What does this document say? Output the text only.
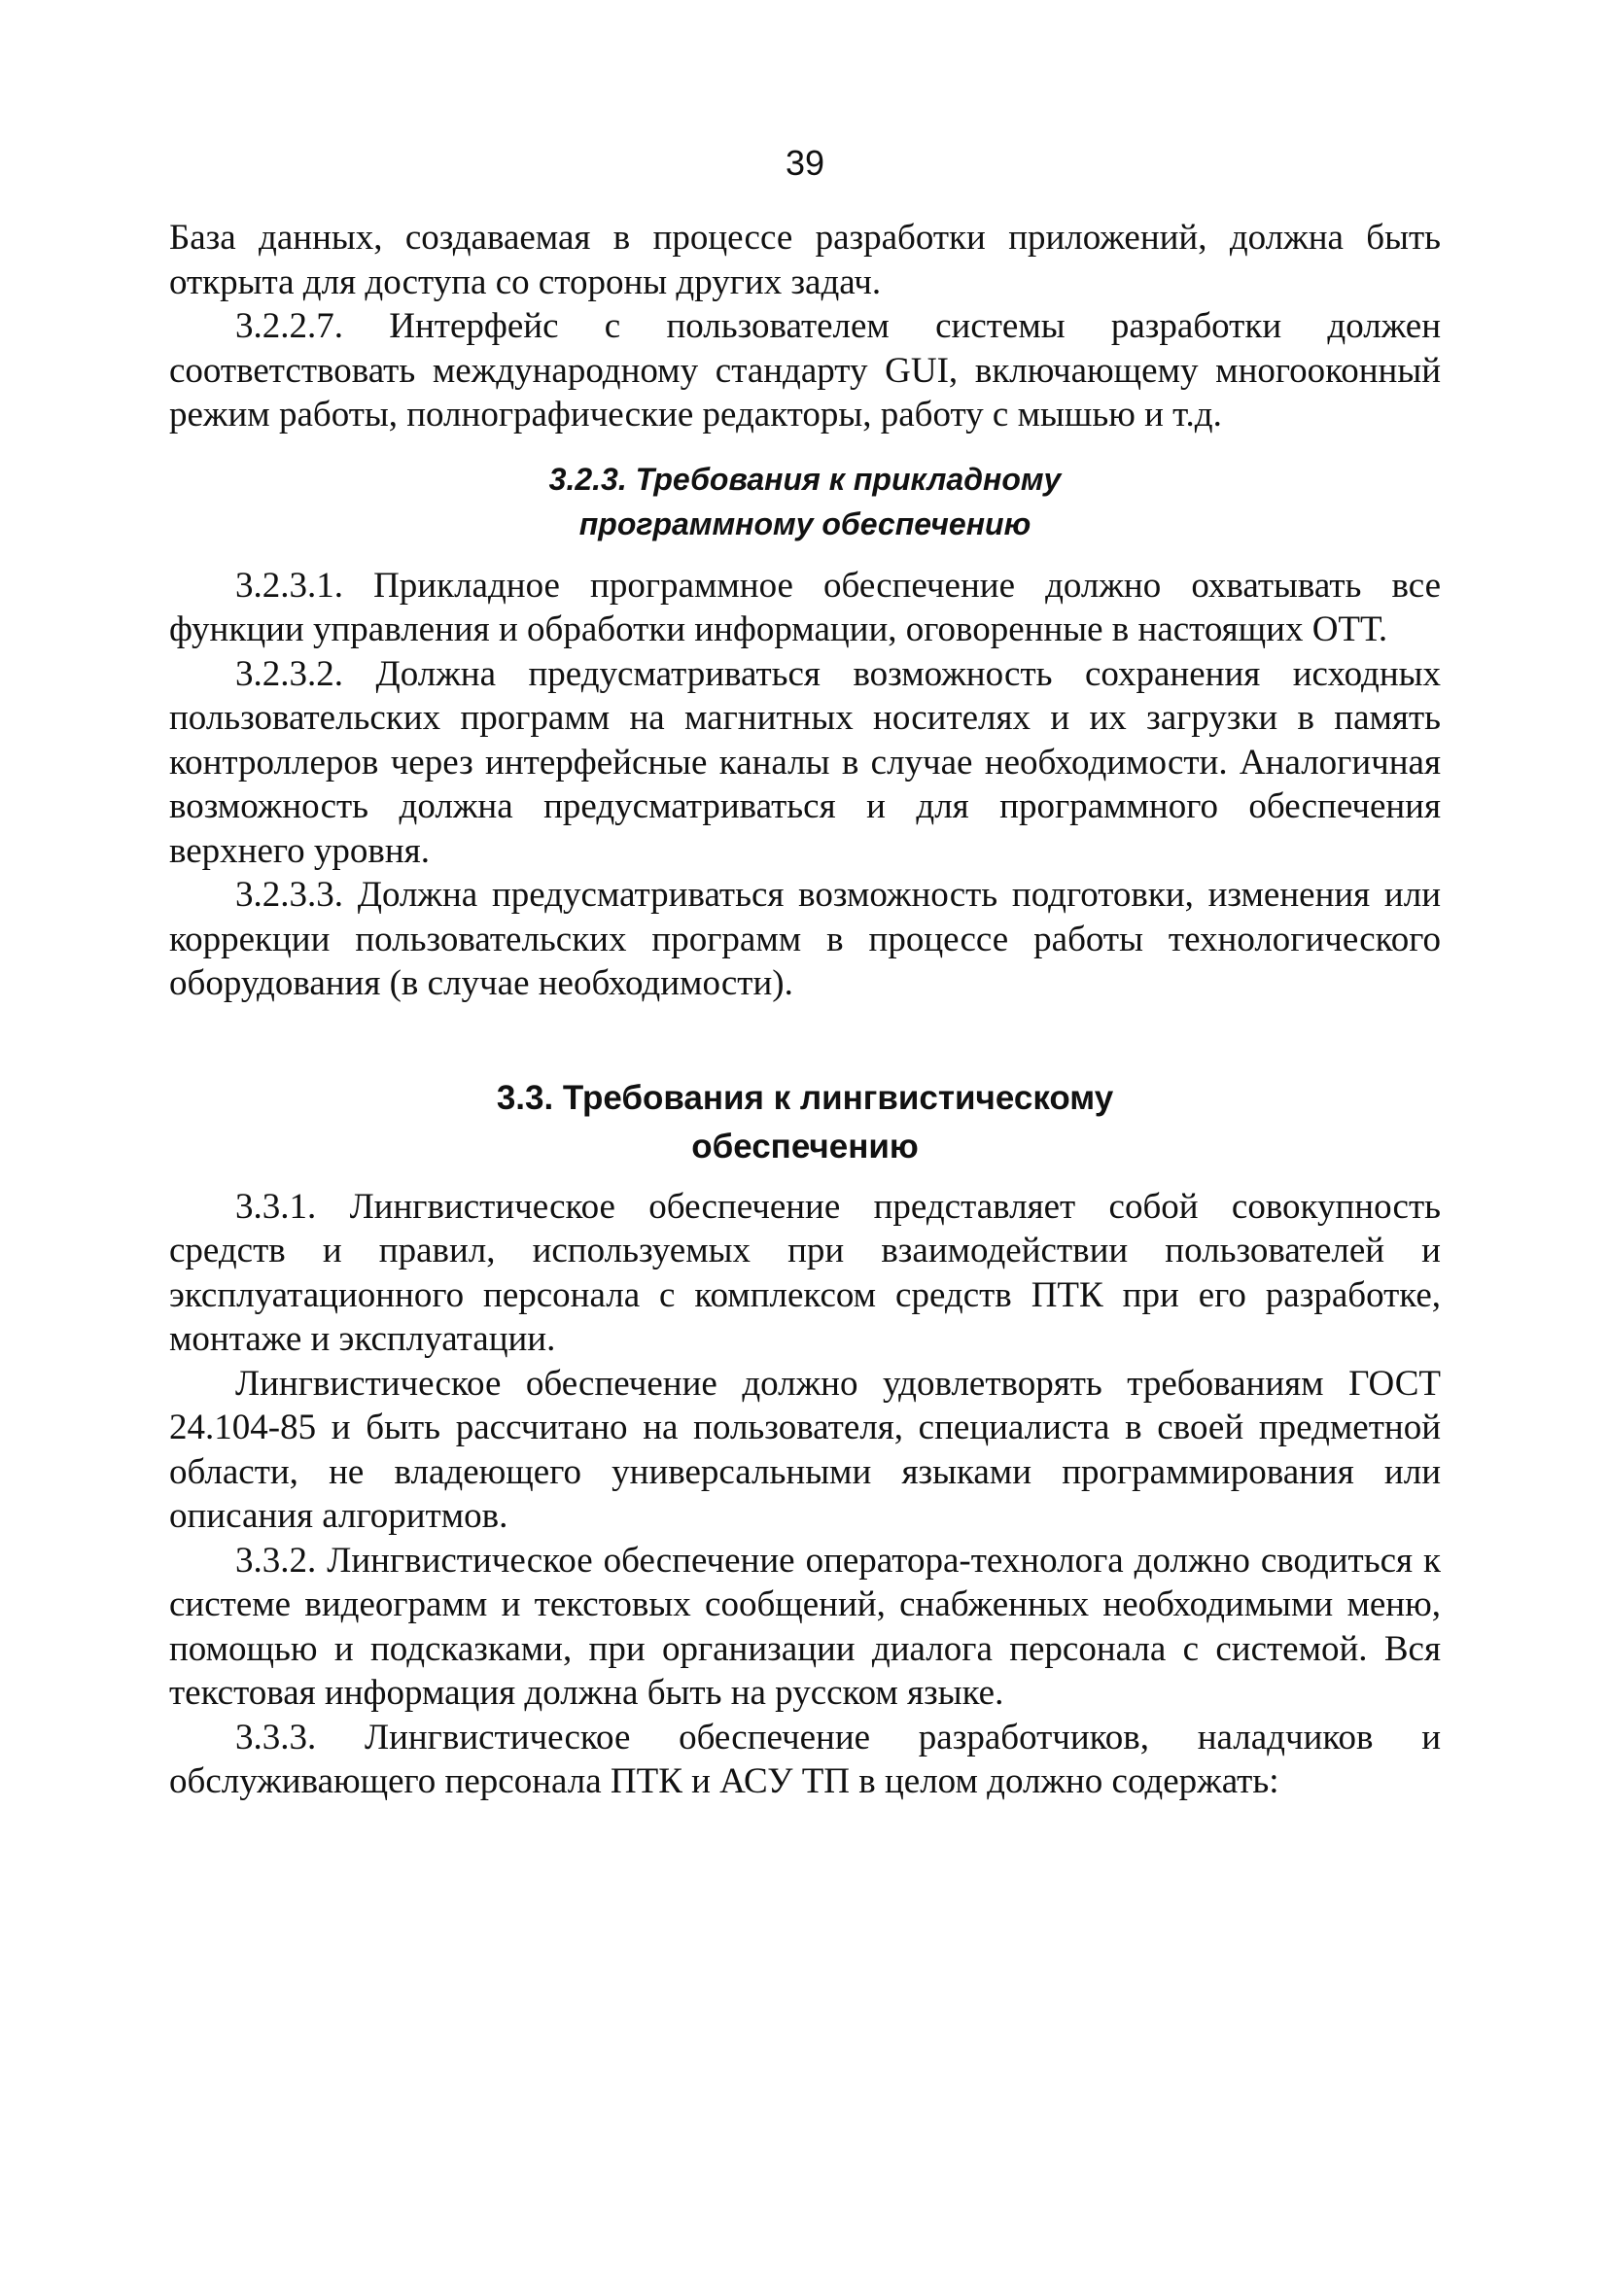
39

База данных, создаваемая в процессе разработки приложений, должна быть открыта для доступа со стороны других задач.

3.2.2.7. Интерфейс с пользователем системы разработки должен соответствовать международному стандарту GUI, включающему многооконный режим работы, полнографические редакторы, работу с мышью и т.д.

3.2.3. Требования к прикладному
программному обеспечению

3.2.3.1. Прикладное программное обеспечение должно охватывать все функции управления и обработки информации, оговоренные в настоящих ОТТ.

3.2.3.2. Должна предусматриваться возможность сохранения исходных пользовательских программ на магнитных носителях и их загрузки в память контроллеров через интерфейсные каналы в случае необходимости. Аналогичная возможность должна предусматриваться и для программного обеспечения верхнего уровня.

3.2.3.3. Должна предусматриваться возможность подготовки, изменения или коррекции пользовательских программ в процессе работы технологического оборудования (в случае необходимости).

3.3. Требования к лингвистическому
обеспечению

3.3.1. Лингвистическое обеспечение представляет собой совокупность средств и правил, используемых при взаимодействии пользователей и эксплуатационного персонала с комплексом средств ПТК при его разработке, монтаже и эксплуатации.

Лингвистическое обеспечение должно удовлетворять требованиям ГОСТ 24.104-85 и быть рассчитано на пользователя, специалиста в своей предметной области, не владеющего универсальными языками программирования или описания алгоритмов.

3.3.2. Лингвистическое обеспечение оператора-технолога должно сводиться к системе видеограмм и текстовых сообщений, снабженных необходимыми меню, помощью и подсказками, при организации диалога персонала с системой. Вся текстовая информация должна быть на русском языке.

3.3.3. Лингвистическое обеспечение разработчиков, наладчиков и обслуживающего персонала ПТК и АСУ ТП в целом должно содержать:
